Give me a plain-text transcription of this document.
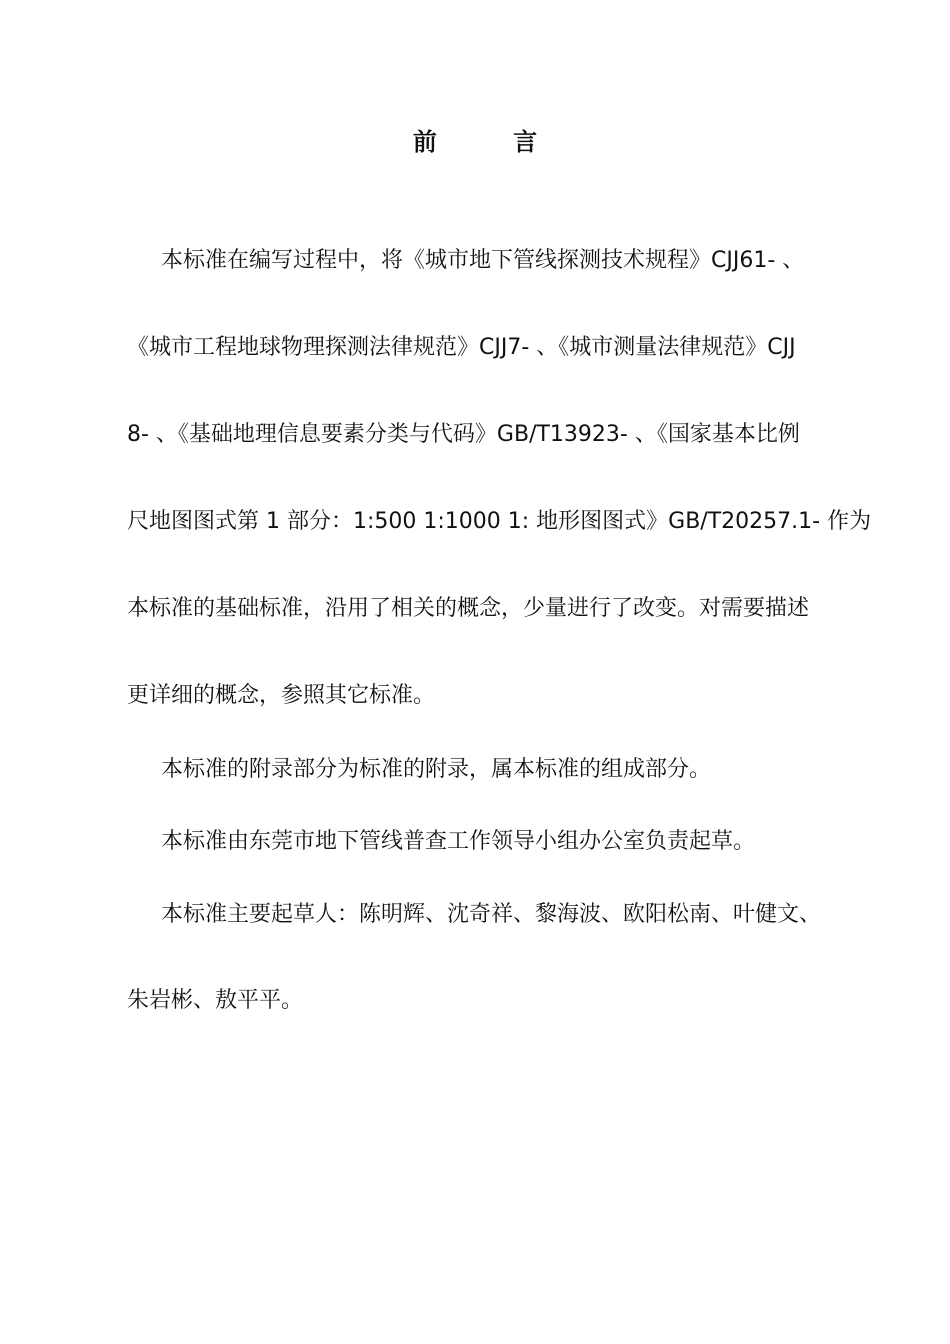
前 言
本标准在编写过程中，将《城市地下管线探测技术规程》CJJ61- 、
《城市工程地球物理探测法律规范》CJJ7- 、《城市测量法律规范》CJJ
8- 、《基础地理信息要素分类与代码》GB/T13923- 、《国家基本比例
尺地图图式第 1 部分：1:500 1:1000 1: 地形图图式》GB/T20257.1- 作为
本标准的基础标准，沿用了相关的概念，少量进行了改变。对需要描述
更详细的概念，参照其它标准。
本标准的附录部分为标准的附录，属本标准的组成部分。
本标准由东莞市地下管线普查工作领导小组办公室负责起草。
本标准主要起草人：陈明辉、沈奇祥、黎海波、欧阳松南、叶健文、
朱岩彬、敖平平。
